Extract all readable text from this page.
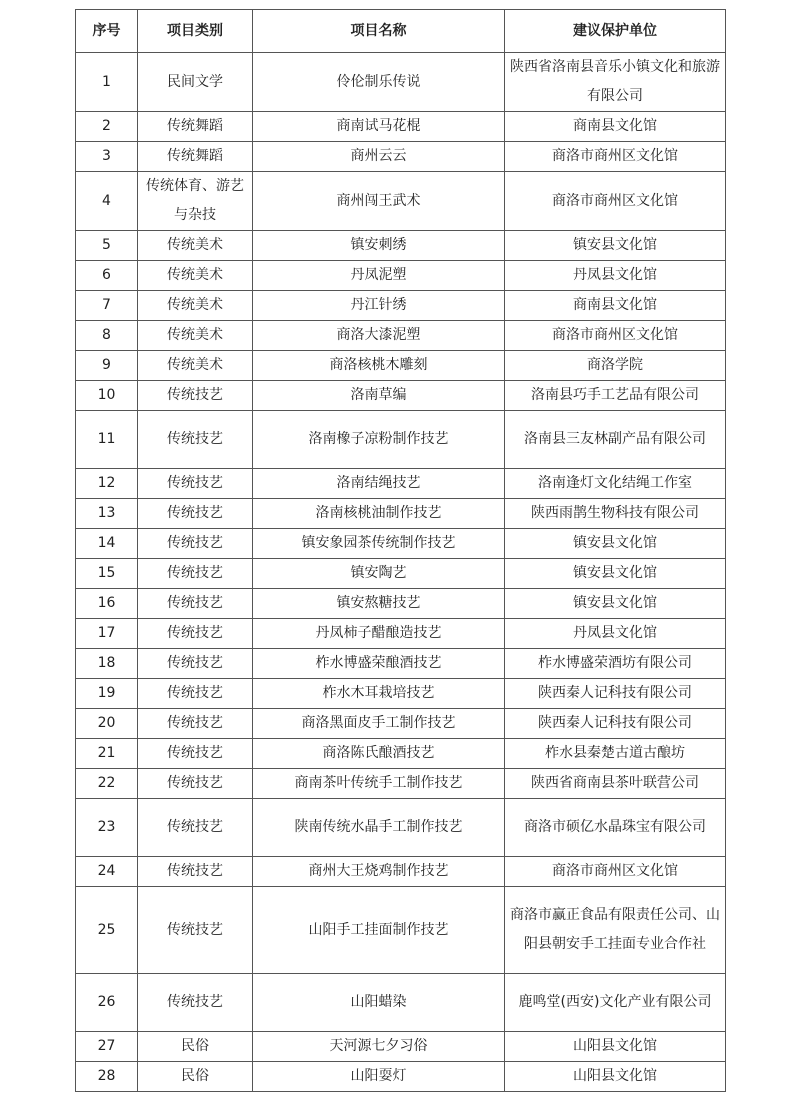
序号	项目类别	项目名称	建议保护单位
1	民间文学	伶伦制乐传说	陕西省洛南县音乐小镇文化和旅游有限公司
2	传统舞蹈	商南试马花棍	商南县文化馆
3	传统舞蹈	商州云云	商洛市商州区文化馆
4	传统体育、游艺与杂技	商州闯王武术	商洛市商州区文化馆
5	传统美术	镇安刺绣	镇安县文化馆
6	传统美术	丹凤泥塑	丹凤县文化馆
7	传统美术	丹江针绣	商南县文化馆
8	传统美术	商洛大漆泥塑	商洛市商州区文化馆
9	传统美术	商洛核桃木雕刻	商洛学院
10	传统技艺	洛南草编	洛南县巧手工艺品有限公司
11	传统技艺	洛南橡子凉粉制作技艺	洛南县三友林副产品有限公司
12	传统技艺	洛南结绳技艺	洛南逢灯文化结绳工作室
13	传统技艺	洛南核桃油制作技艺	陕西雨鹊生物科技有限公司
14	传统技艺	镇安象园茶传统制作技艺	镇安县文化馆
15	传统技艺	镇安陶艺	镇安县文化馆
16	传统技艺	镇安熬糖技艺	镇安县文化馆
17	传统技艺	丹凤柿子醋酿造技艺	丹凤县文化馆
18	传统技艺	柞水博盛荣酿酒技艺	柞水博盛荣酒坊有限公司
19	传统技艺	柞水木耳栽培技艺	陕西秦人记科技有限公司
20	传统技艺	商洛黑面皮手工制作技艺	陕西秦人记科技有限公司
21	传统技艺	商洛陈氏酿酒技艺	柞水县秦楚古道古酿坊
22	传统技艺	商南茶叶传统手工制作技艺	陕西省商南县茶叶联营公司
23	传统技艺	陕南传统水晶手工制作技艺	商洛市硕亿水晶珠宝有限公司
24	传统技艺	商州大王烧鸡制作技艺	商洛市商州区文化馆
25	传统技艺	山阳手工挂面制作技艺	商洛市赢正食品有限责任公司、山阳县朝安手工挂面专业合作社
26	传统技艺	山阳蜡染	鹿鸣堂(西安)文化产业有限公司
27	民俗	天河源七夕习俗	山阳县文化馆
28	民俗	山阳耍灯	山阳县文化馆
